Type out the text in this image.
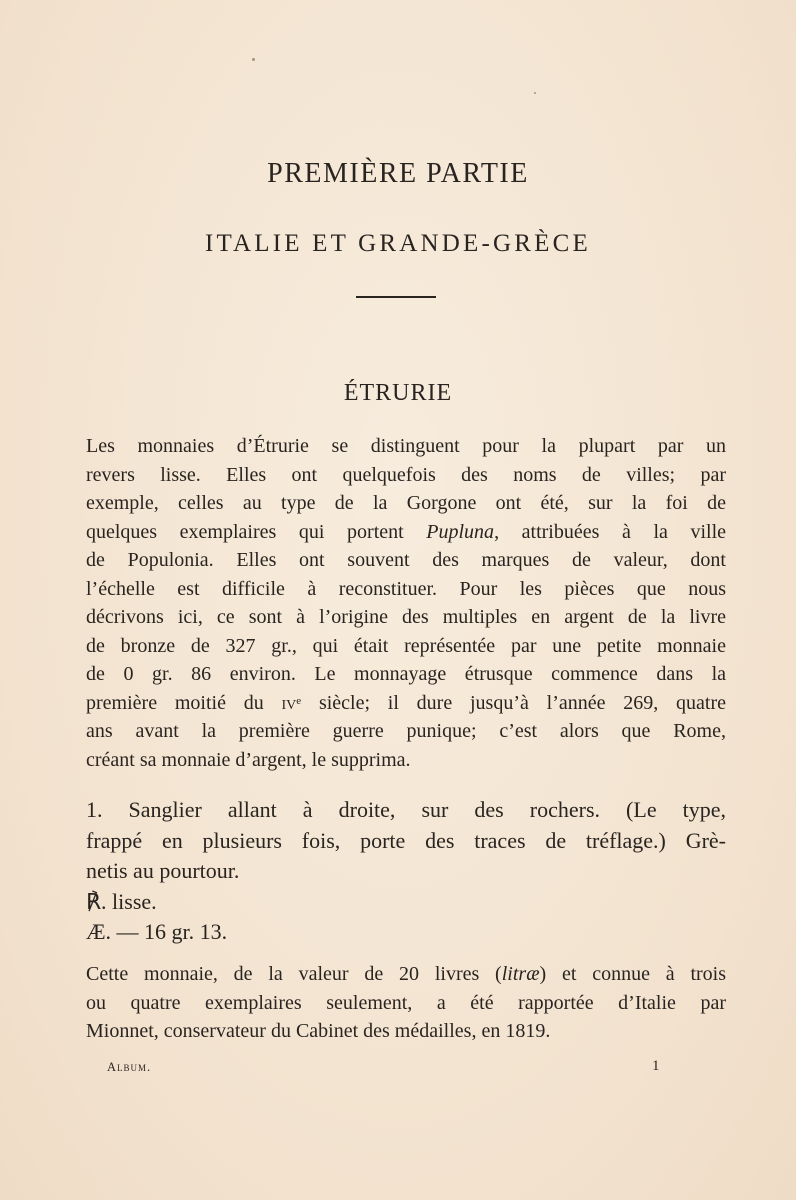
PREMIÈRE PARTIE
ITALIE ET GRANDE-GRÈCE
ÉTRURIE
Les monnaies d’Étrurie se distinguent pour la plupart par un
revers lisse. Elles ont quelquefois des noms de villes; par
exemple, celles au type de la Gorgone ont été, sur la foi de
quelques exemplaires qui portent Pupluna, attribuées à la ville
de Populonia. Elles ont souvent des marques de valeur, dont
l’échelle est difficile à reconstituer. Pour les pièces que nous
décrivons ici, ce sont à l’origine des multiples en argent de la livre
de bronze de 327 gr., qui était représentée par une petite monnaie
de 0 gr. 86 environ. Le monnayage étrusque commence dans la
première moitié du $iv^e$ siècle; il dure jusqu’à l’année 269, quatre
ans avant la première guerre punique; c’est alors que Rome,
créant sa monnaie d’argent, le supprima.
1. Sanglier allant à droite, sur des rochers. (Le type,
frappé en plusieurs fois, porte des traces de tréflage.) Grè-
netis au pourtour.
℟. lisse.
Æ. — 16 gr. 13.
Cette monnaie, de la valeur de 20 livres (litræ) et connue à trois
ou quatre exemplaires seulement, a été rapportée d’Italie par
Mionnet, conservateur du Cabinet des médailles, en 1819.
Album.	1
